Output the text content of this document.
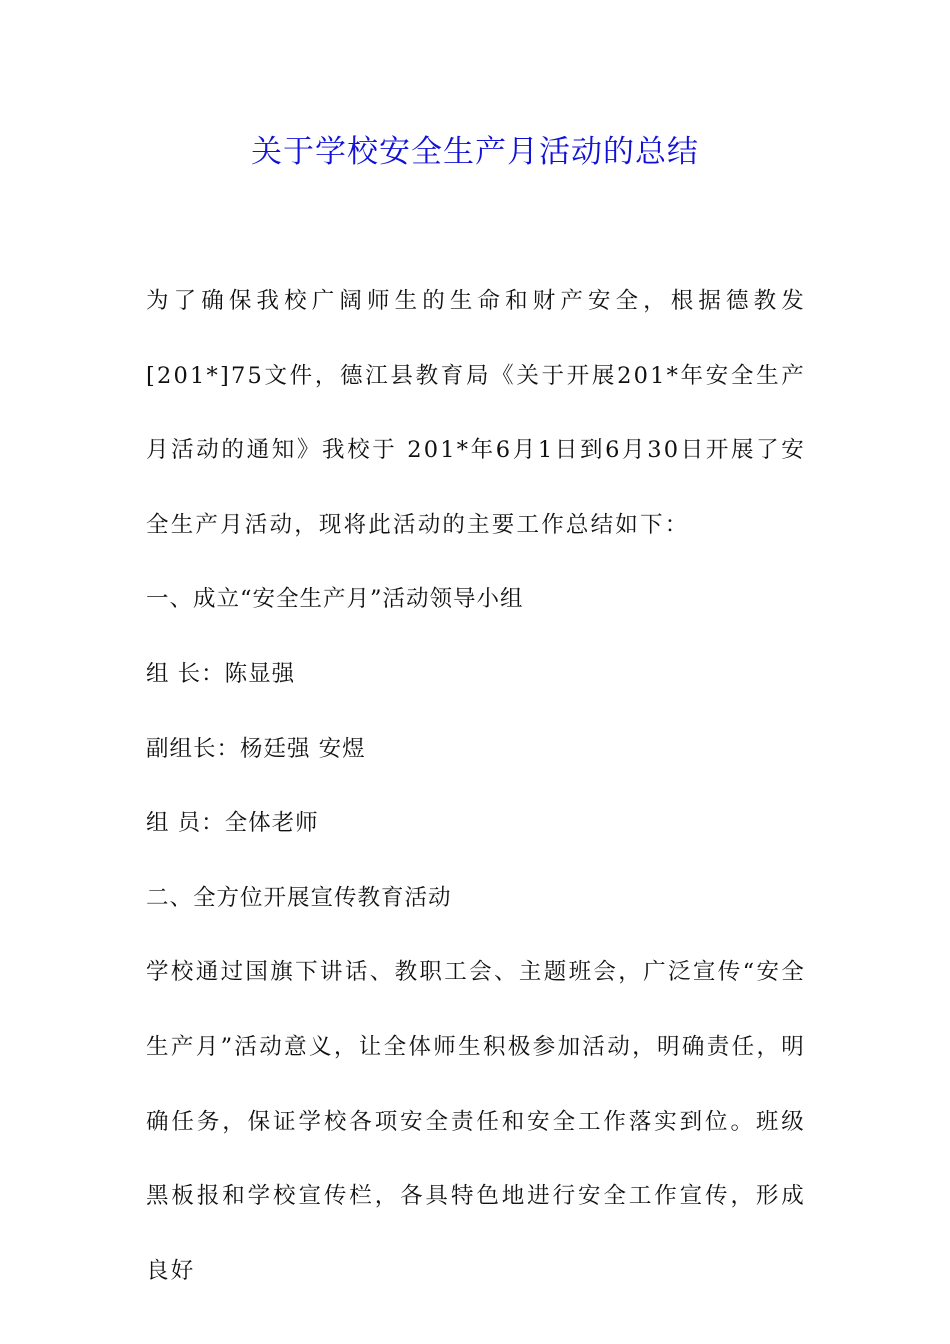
关于学校安全生产月活动的总结

为了确保我校广阔师生的生命和财产安全，根据德教发[201*]75文件，德江县教育局《关于开展201*年安全生产月活动的通知》我校于 201*年6月1日到6月30日开展了安全生产月活动，现将此活动的主要工作总结如下：

一、成立“安全生产月”活动领导小组

组 长：陈显强

副组长：杨廷强 安煜

组 员：全体老师

二、全方位开展宣传教育活动

学校通过国旗下讲话、教职工会、主题班会，广泛宣传“安全生产月”活动意义，让全体师生积极参加活动，明确责任，明确任务，保证学校各项安全责任和安全工作落实到位。班级黑板报和学校宣传栏，各具特色地进行安全工作宣传，形成良好
